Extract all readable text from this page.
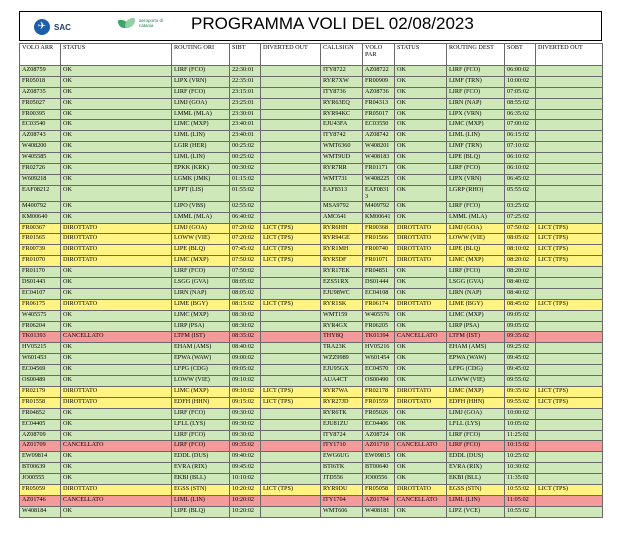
✈ SAC
aeroporto di catania	PROGRAMMA VOLI DEL 02/08/2023
VOLO ARR	STATUS	ROUTING ORI	SIBT	DIVERTED OUT	CALLSIGN	VOLO PAR	STATUS	ROUTING DEST	SOBT	DIVERTED OUT
AZ08759	OK	LIRF (FCO)	22:30:01		ITY8722	AZ08722	OK	LIRF (FCO)	06:00:02	
FR05018	OK	LIPX (VRN)	22:35:01		RYR7XW	FR00909	OK	LIMF (TRN)	10:00:02	
AZ08735	OK	LIRF (FCO)	23:15:01		ITY8736	AZ08736	OK	LIRF (FCO)	07:05:02	
FR05027	OK	LIMJ (GOA)	23:25:01		RYR63EQ	FR04313	OK	LIRN (NAP)	08:55:02	
FR00395	OK	LMML (MLA)	23:30:01		RYR94KC	FR05017	OK	LIPX (VRN)	06:35:02	
EC03540	OK	LIMC (MXP)	23:40:01		EJU43FA	EC03550	OK	LIMC (MXP)	07:00:02	
AZ08743	OK	LIML (LIN)	23:40:01		ITY8742	AZ08742	OK	LIML (LIN)	06:15:02	
W408200	OK	LGIR (HER)	00:25:02		WMT6360	W408201	OK	LIMF (TRN)	07:10:02	
W405585	OK	LIML (LIN)	00:25:02		WMT9UD	W408183	OK	LIPE (BLQ)	06:10:02	
FR02726	OK	EPKK (KRK)	00:30:02		RYR7RR	FR01171	OK	LIRF (FCO)	06:10:02	
W609218	OK	LGMK (JMK)	01:15:02		WMT731	W408225	OK	LIPX (VRN)	06:45:02	
EAF08212	OK	LPPT (LIS)	01:55:02		EAF8313	EAF0831 3	OK	LGRP (RHO)	05:55:02	
M400792	OK	LIPO (VBS)	02:55:02		MSA9792	M409792	OK	LIRF (FCO)	03:25:02	
KM00640	OK	LMML (MLA)	06:40:02		AMC641	KM00641	OK	LMML (MLA)	07:25:02	
FR00367	DIROTTATO	LIMJ (GOA)	07:20:02	LICT (TPS)	RYR6HH	FR00368	DIROTTATO	LIMJ (GOA)	07:50:02	LICT (TPS)
FR01565	DIROTTATO	LOWW (VIE)	07:20:02	LICT (TPS)	RYR94GE	FR01566	DIROTTATO	LOWW (VIE)	08:05:02	LICT (TPS)
FR00739	DIROTTATO	LIPE (BLQ)	07:45:02	LICT (TPS)	RYR1MH	FR00740	DIROTTATO	LIPE (BLQ)	08:10:02	LICT (TPS)
FR01070	DIROTTATO	LIMC (MXP)	07:50:02	LICT (TPS)	RYR5DF	FR01071	DIROTTATO	LIMC (MXP)	08:20:02	LICT (TPS)
FR01170	OK	LIRF (FCO)	07:50:02		RYR17EK	FR04851	OK	LIRF (FCO)	08:20:02	
DS01443	OK	LSGG (GVA)	08:05:02		EZS51RX	DS01444	OK	LSGG (GVA)	08:40:02	
EC04107	OK	LIRN (NAP)	08:05:02		EJU98WC	EC04108	OK	LIRN (NAP)	08:40:02	
FR06175	DIROTTATO	LIME (BGY)	08:15:02	LICT (TPS)	RYR1SK	FR06174	DIROTTATO	LIME (BGY)	08:45:02	LICT (TPS)
W405575	OK	LIMC (MXP)	08:30:02		WMT159	W405576	OK	LIMC (MXP)	09:05:02	
FR06204	OK	LIRP (PSA)	08:30:02		RYR4GX	FR06205	OK	LIRP (PSA)	09:05:02	
TK01393	CANCELLATO	LTFM (IST)	08:35:02		THY8Q	TK01394	CANCELLATO	LTFM (IST)	09:35:02	
HV05215	OK	EHAM (AMS)	08:40:02		TRA23K	HV05216	OK	EHAM (AMS)	09:25:02	
W601453	OK	EPWA (WAW)	09:00:02		WZZ9989	W601454	OK	EPWA (WAW)	09:45:02	
EC04569	OK	LFPG (CDG)	09:05:02		EJU95GX	EC04570	OK	LFPG (CDG)	09:45:02	
OS00489	OK	LOWW (VIE)	09:10:02		AUA4CT	OS00490	OK	LOWW (VIE)	09:55:02	
FR02179	DIROTTATO	LIMC (MXP)	09:10:02	LICT (TPS)	RYR7WA	FR02178	DIROTTATO	LIMC (MXP)	09:35:02	LICT (TPS)
FR01558	DIROTTATO	EDFH (HHN)	09:15:02	LICT (TPS)	RYR27JD	FR01559	DIROTTATO	EDFH (HHN)	09:55:02	LICT (TPS)
FR04852	OK	LIRF (FCO)	09:30:02		RYR6TK	FR05026	OK	LIMJ (GOA)	10:00:02	
EC04405	OK	LFLL (LYS)	09:30:02		EJU81ZU	EC04406	OK	LFLL (LYS)	10:05:02	
AZ08709	OK	LIRF (FCO)	09:30:02		ITY8724	AZ08724	OK	LIRF (FCO)	11:25:02	
AZ01709	CANCELLATO	LIRF (FCO)	09:35:02		ITY1710	AZ01710	CANCELLATO	LIRF (FCO)	10:15:02	
EW09814	OK	EDDL (DUS)	09:40:02		EWG6UG	EW09815	OK	EDDL (DUS)	10:25:02	
BT00639	OK	EVRA (RIX)	09:45:02		BTI6TK	BT00640	OK	EVRA (RIX)	10:30:02	
JO00555	OK	EKBI (BLL)	10:10:02		JTD556	JO00556	OK	EKBI (BLL)	11:35:02	
FR05059	DIROTTATO	EGSS (STN)	10:20:02	LICT (TPS)	RYR9DU	FR05058	DIROTTATO	EGSS (STN)	10:55:02	LICT (TPS)
AZ01746	CANCELLATO	LIML (LIN)	10:20:02		ITY1704	AZ01704	CANCELLATO	LIML (LIN)	11:05:02	
W408184	OK	LIPE (BLQ)	10:20:02		WMT606	W408181	OK	LIPZ (VCE)	10:55:02	
